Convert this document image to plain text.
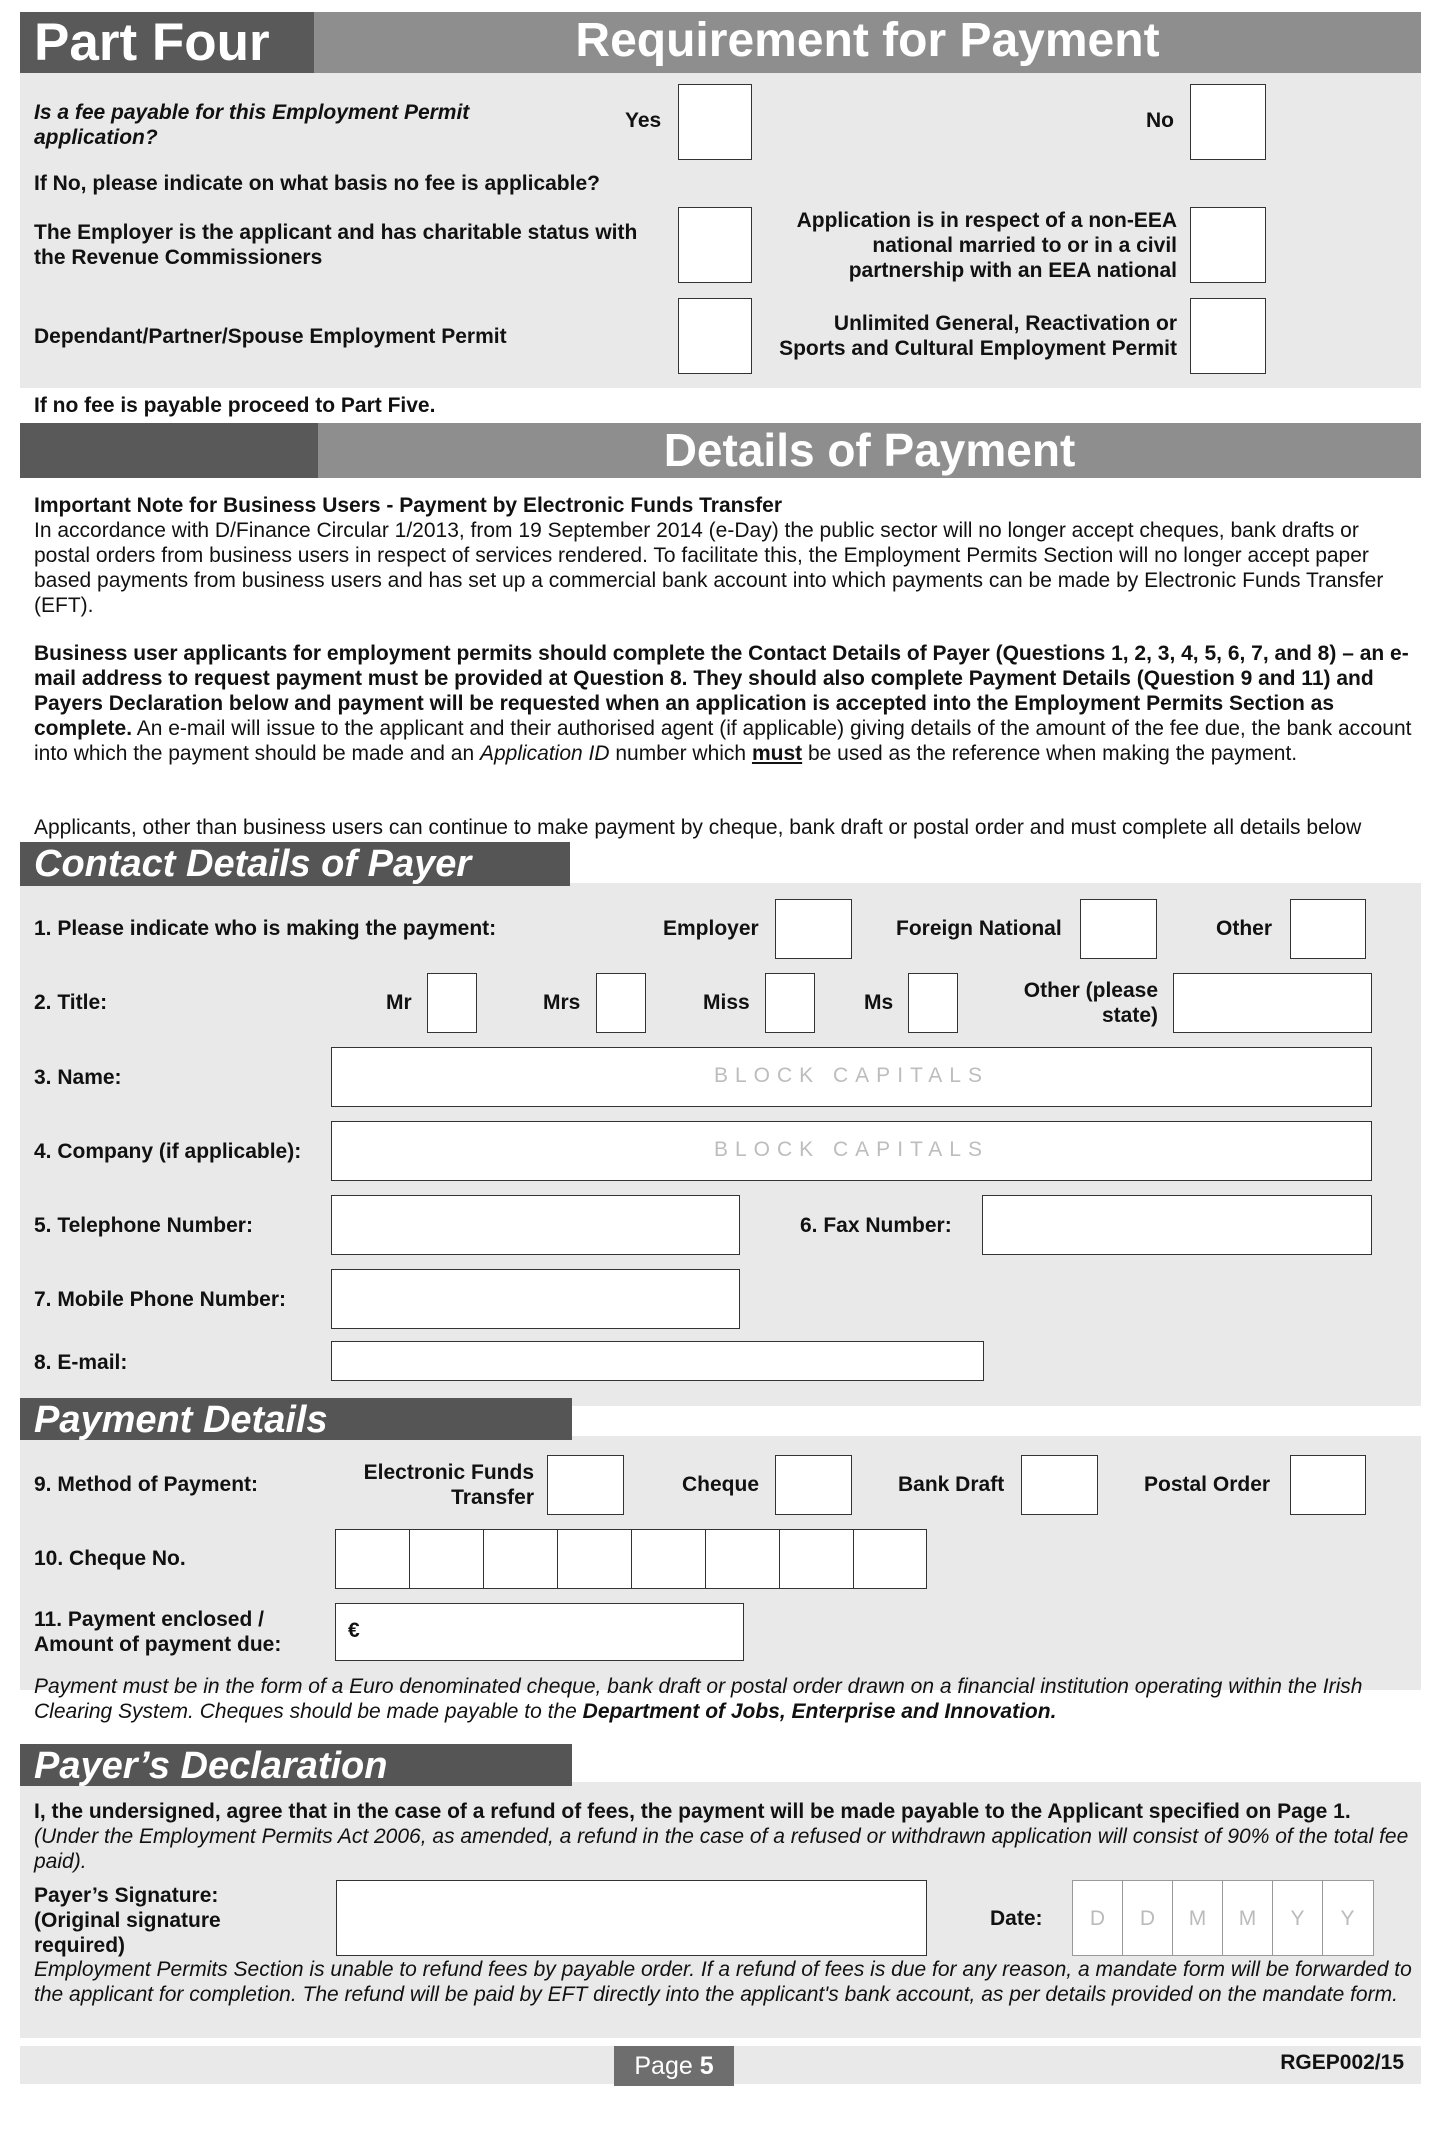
Part Four	Requirement for Payment
Is a fee payable for this Employment Permit application?
Yes	No
If No, please indicate on what basis no fee is applicable?
The Employer is the applicant and has charitable status with the Revenue Commissioners
Application is in respect of a non-EEA national married to or in a civil partnership with an EEA national
Dependant/Partner/Spouse Employment Permit
Unlimited General, Reactivation or Sports and Cultural Employment Permit
If no fee is payable proceed to Part Five.
Details of Payment

Important Note for Business Users - Payment by Electronic Funds Transfer

In accordance with D/Finance Circular 1/2013, from 19 September 2014 (e-Day) the public sector will no longer accept cheques, bank drafts or postal orders from business users in respect of services rendered. To facilitate this, the Employment Permits Section will no longer accept paper based payments from business users and has set up a commercial bank account into which payments can be made by Electronic Funds Transfer (EFT).

Business user applicants for employment permits should complete the Contact Details of Payer (Questions 1, 2, 3, 4, 5, 6, 7, and 8) – an e-mail address to request payment must be provided at Question 8. They should also complete Payment Details (Question 9 and 11) and Payers Declaration below and payment will be requested when an application is accepted into the Employment Permits Section as complete. An e-mail will issue to the applicant and their authorised agent (if applicable) giving details of the amount of the fee due, the bank account into which the payment should be made and an Application ID number which must be used as the reference when making the payment.

Applicants, other than business users can continue to make payment by cheque, bank draft or postal order and must complete all details below
Contact Details of Payer
1. Please indicate who is making the payment:	Employer	Foreign National	Other
2. Title:	Mr	Mrs	Miss	Ms
Other (please state)
3. Name:	BLOCK CAPITALS
4. Company (if applicable):	BLOCK CAPITALS
5. Telephone Number:	6. Fax Number:
7. Mobile Phone Number:
8. E-mail:
Payment Details
9. Method of Payment:
Electronic Funds Transfer
Cheque	Bank Draft	Postal Order
10. Cheque No.
11. Payment enclosed / Amount of payment due:
€

Payment must be in the form of a Euro denominated cheque, bank draft or postal order drawn on a financial institution operating within the Irish Clearing System. Cheques should be made payable to the Department of Jobs, Enterprise and Innovation.

Payer’s Declaration

I, the undersigned, agree that in the case of a refund of fees, the payment will be made payable to the Applicant specified on Page 1.

(Under the Employment Permits Act 2006, as amended, a refund in the case of a refused or withdrawn application will consist of 90% of the total fee paid).

Payer’s Signature:
(Original signature required)
Date:	D	D	M	M	Y	Y
Employment Permits Section is unable to refund fees by payable order. If a refund of fees is due for any reason, a mandate form will be forwarded to the applicant for completion. The refund will be paid by EFT directly into the applicant's bank account, as per details provided on the mandate form.
Page 5	RGEP002/15
